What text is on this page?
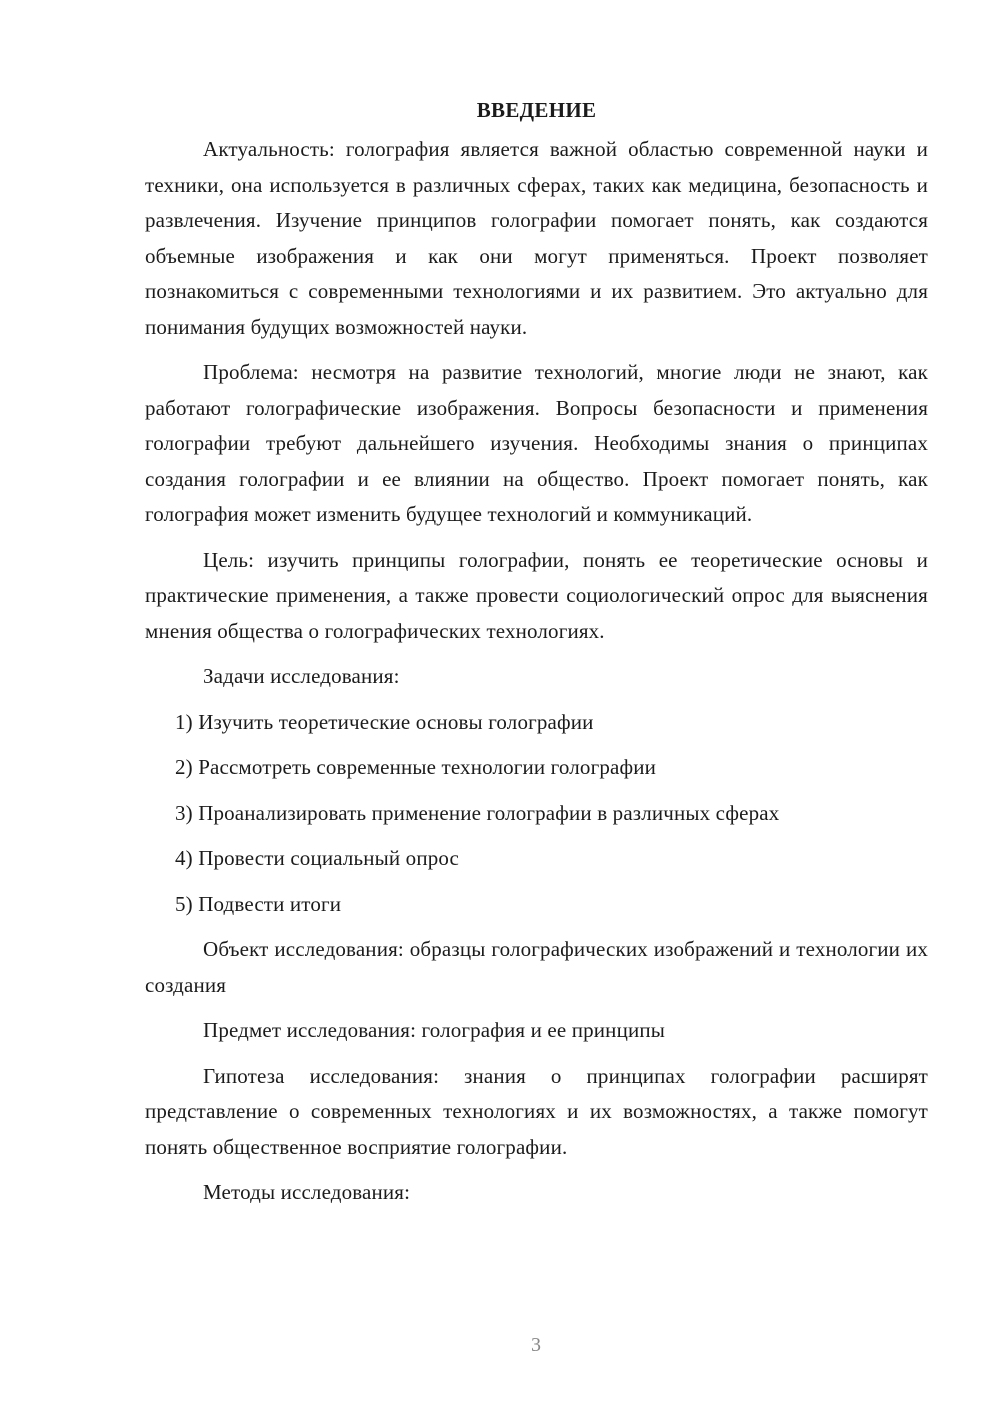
ВВЕДЕНИЕ

Актуальность: голография является важной областью современной науки и техники, она используется в различных сферах, таких как медицина, безопасность и развлечения. Изучение принципов голографии помогает понять, как создаются объемные изображения и как они могут применяться. Проект позволяет познакомиться с современными технологиями и их развитием. Это актуально для понимания будущих возможностей науки.

Проблема: несмотря на развитие технологий, многие люди не знают, как работают голографические изображения. Вопросы безопасности и применения голографии требуют дальнейшего изучения. Необходимы знания о принципах создания голографии и ее влиянии на общество. Проект помогает понять, как голография может изменить будущее технологий и коммуникаций.

Цель: изучить принципы голографии, понять ее теоретические основы и практические применения, а также провести социологический опрос для выяснения мнения общества о голографических технологиях.

Задачи исследования:

1) Изучить теоретические основы голографии
2) Рассмотреть современные технологии голографии
3) Проанализировать применение голографии в различных сферах
4) Провести социальный опрос
5) Подвести итоги

Объект исследования: образцы голографических изображений и технологии их создания

Предмет исследования: голография и ее принципы

Гипотеза исследования: знания о принципах голографии расширят представление о современных технологиях и их возможностях, а также помогут понять общественное восприятие голографии.

Методы исследования:

3
